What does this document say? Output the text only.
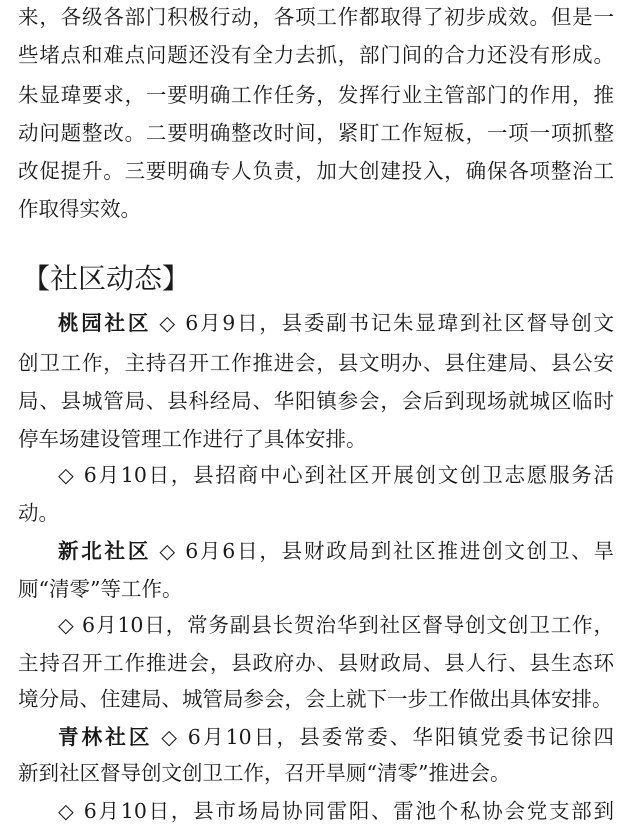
来，各级各部门积极行动，各项工作都取得了初步成效。但是一
些堵点和难点问题还没有全力去抓，部门间的合力还没有形成。
朱显瑋要求，一要明确工作任务，发挥行业主管部门的作用，推
动问题整改。二要明确整改时间，紧盯工作短板，一项一项抓整
改促提升。三要明确专人负责，加大创建投入，确保各项整治工
作取得实效。
【社区动态】
桃园社区 ◇ 6月9日，县委副书记朱显瑋到社区督导创文
创卫工作，主持召开工作推进会，县文明办、县住建局、县公安
局、县城管局、县科经局、华阳镇参会，会后到现场就城区临时
停车场建设管理工作进行了具体安排。
◇ 6月10日，县招商中心到社区开展创文创卫志愿服务活
动。
新北社区 ◇ 6月6日，县财政局到社区推进创文创卫、旱
厕“清零”等工作。
◇ 6月10日，常务副县长贺治华到社区督导创文创卫工作，
主持召开工作推进会，县政府办、县财政局、县人行、县生态环
境分局、住建局、城管局参会，会上就下一步工作做出具体安排。
青林社区 ◇ 6月10日，县委常委、华阳镇党委书记徐四
新到社区督导创文创卫工作，召开旱厕“清零”推进会。
◇ 6月10日，县市场局协同雷阳、雷池个私协会党支部到
